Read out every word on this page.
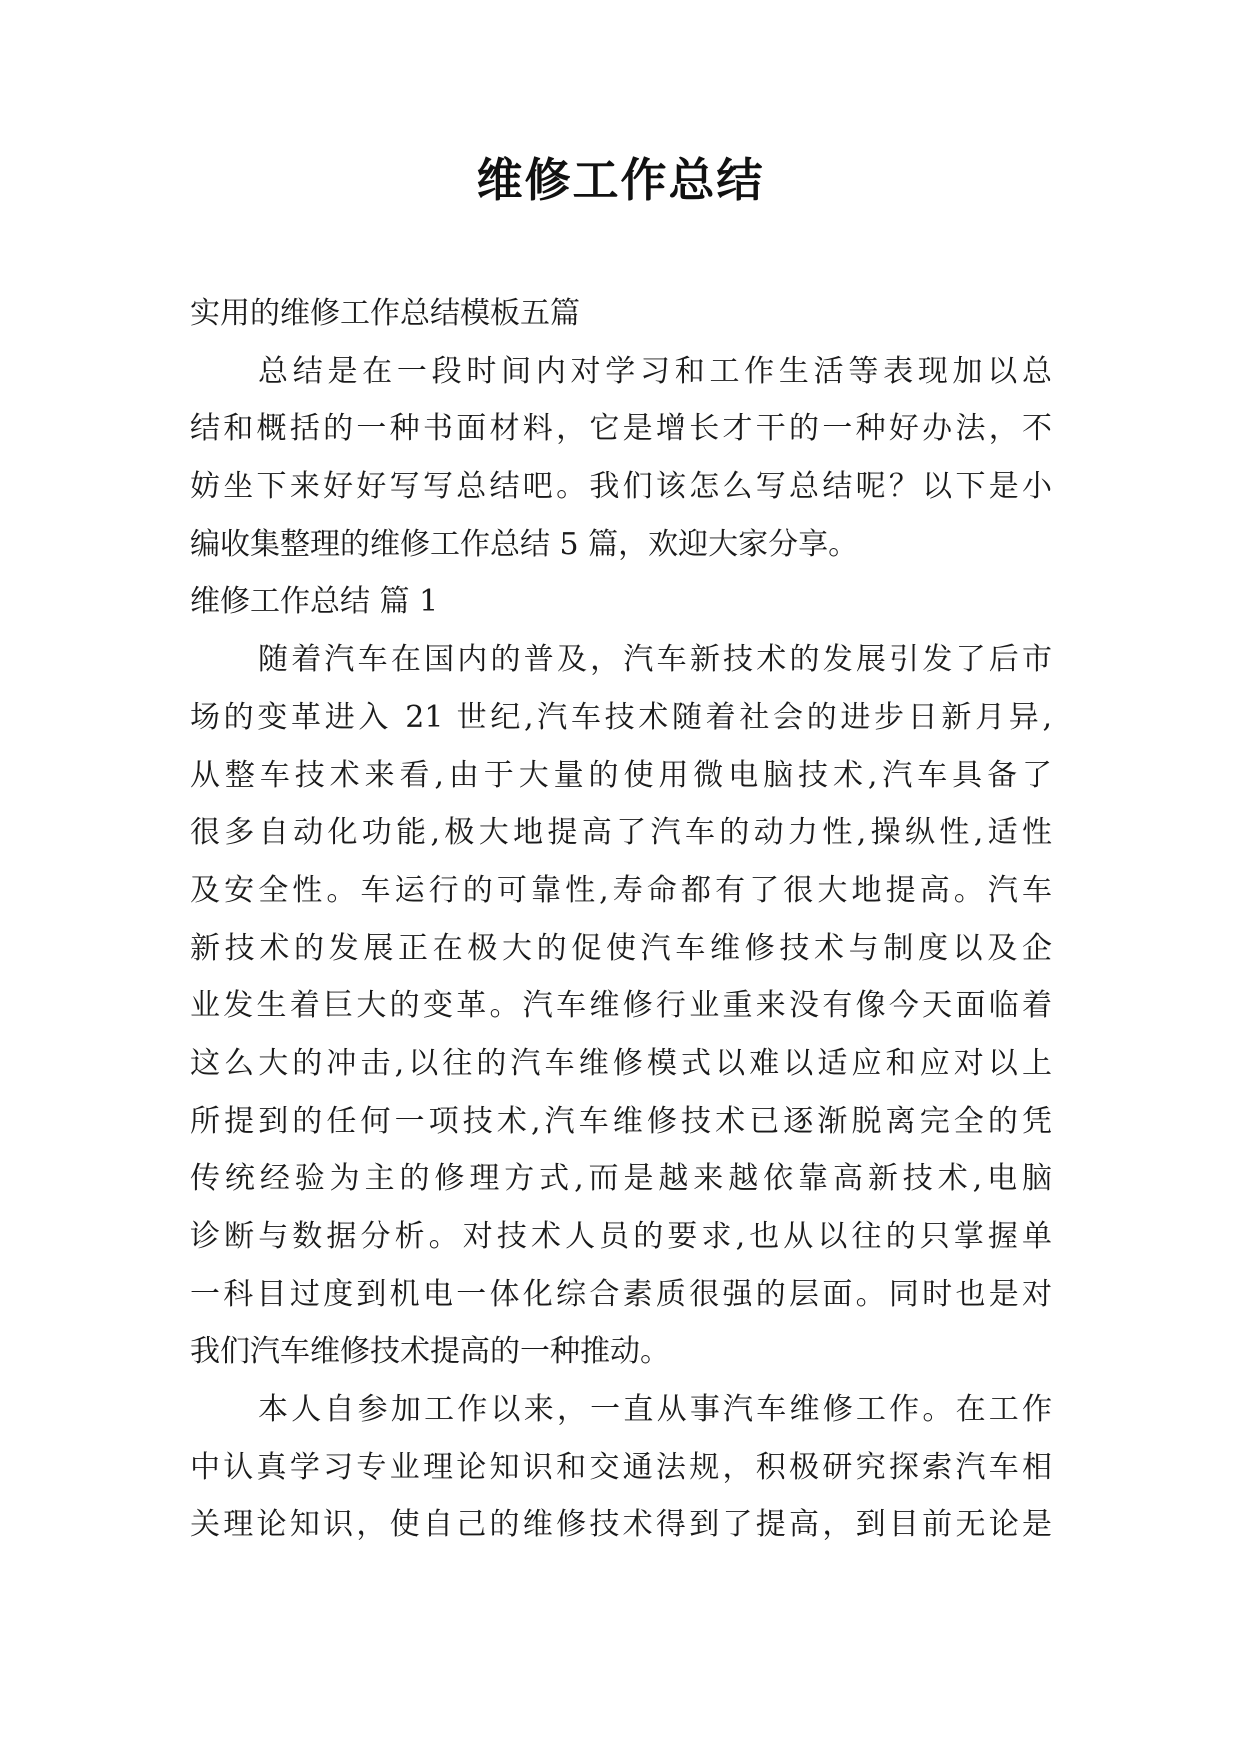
维修工作总结
实用的维修工作总结模板五篇
总结是在一段时间内对学习和工作生活等表现加以总
结和概括的一种书面材料，它是增长才干的一种好办法，不
妨坐下来好好写写总结吧。我们该怎么写总结呢？以下是小
编收集整理的维修工作总结 5 篇，欢迎大家分享。
维修工作总结 篇 1
随着汽车在国内的普及，汽车新技术的发展引发了后市
场的变革进入 21 世纪,汽车技术随着社会的进步日新月异,
从整车技术来看,由于大量的使用微电脑技术,汽车具备了
很多自动化功能,极大地提高了汽车的动力性,操纵性,适性
及安全性。车运行的可靠性,寿命都有了很大地提高。汽车
新技术的发展正在极大的促使汽车维修技术与制度以及企
业发生着巨大的变革。汽车维修行业重来没有像今天面临着
这么大的冲击,以往的汽车维修模式以难以适应和应对以上
所提到的任何一项技术,汽车维修技术已逐渐脱离完全的凭
传统经验为主的修理方式,而是越来越依靠高新技术,电脑
诊断与数据分析。对技术人员的要求,也从以往的只掌握单
一科目过度到机电一体化综合素质很强的层面。同时也是对
我们汽车维修技术提高的一种推动。
本人自参加工作以来，一直从事汽车维修工作。在工作
中认真学习专业理论知识和交通法规，积极研究探索汽车相
关理论知识，使自己的维修技术得到了提高，到目前无论是
